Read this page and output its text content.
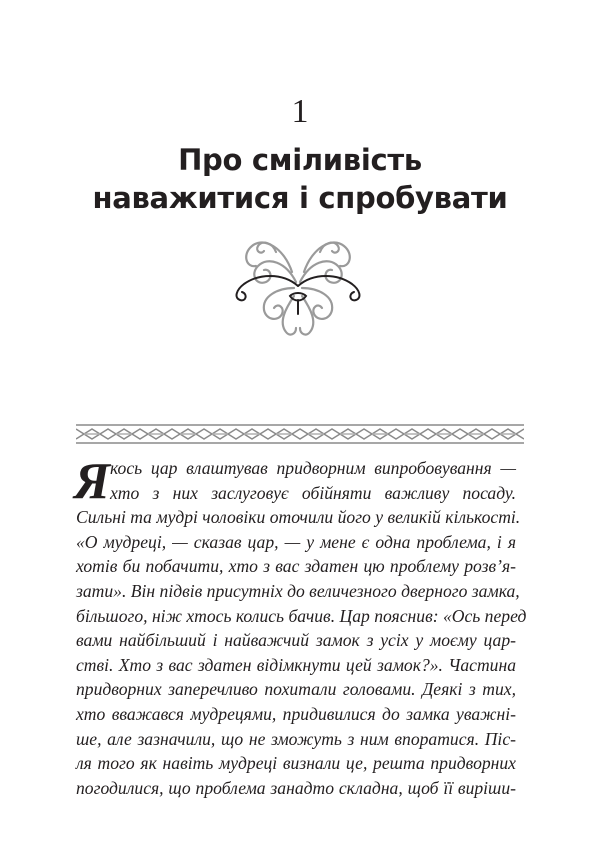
1
Про сміливість
наважитися і спробувати
Я кось цар влаштував придворним випробовування —
хто з них заслуговує обійняти важливу посаду.
Сильні та мудрі чоловіки оточили його у великій кількості.
«О мудреці, — сказав цар, — у мене є одна проблема, і я
хотів би побачити, хто з вас здатен цю проблему розв’я-
зати». Він підвів присутніх до величезного дверного замка,
більшого, ніж хтось колись бачив. Цар пояснив: «Ось перед
вами найбільший і найважчий замок з усіх у моєму цар-
стві. Хто з вас здатен відімкнути цей замок?». Частина
придворних заперечливо похитали головами. Деякі з тих,
хто вважався мудрецями, придивилися до замка уважні-
ше, але зазначили, що не зможуть з ним впоратися. Піс-
ля того як навіть мудреці визнали це, решта придворних
погодилися, що проблема занадто складна, щоб її виріши-
